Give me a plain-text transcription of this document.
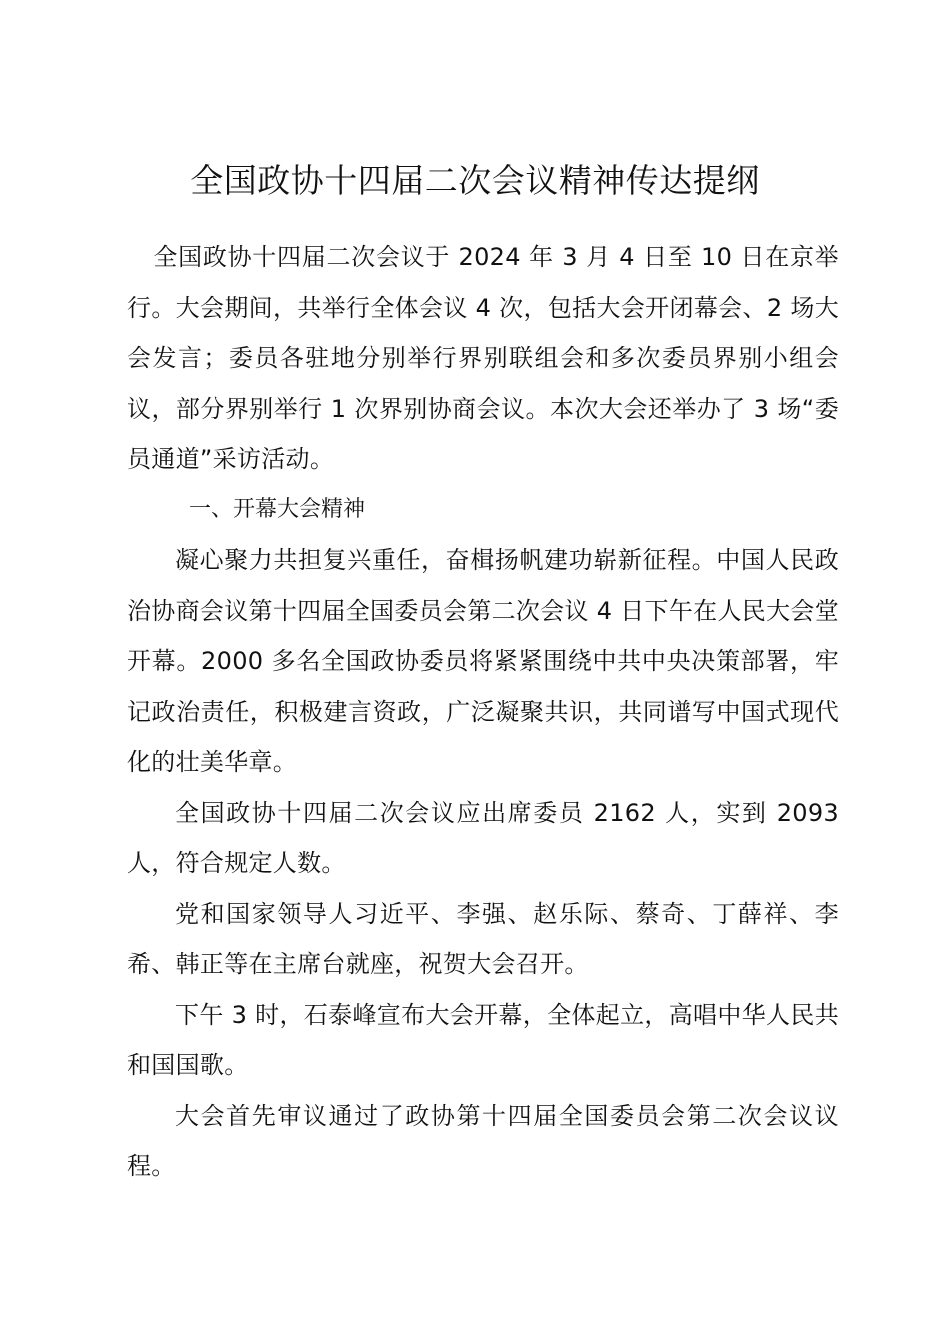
全国政协十四届二次会议精神传达提纲

全国政协十四届二次会议于 2024 年 3 月 4 日至 10 日在京举行。大会期间，共举行全体会议 4 次，包括大会开闭幕会、2 场大会发言；委员各驻地分别举行界别联组会和多次委员界别小组会议，部分界别举行 1 次界别协商会议。本次大会还举办了 3 场“委员通道”采访活动。

一、开幕大会精神

凝心聚力共担复兴重任，奋楫扬帆建功崭新征程。中国人民政治协商会议第十四届全国委员会第二次会议 4 日下午在人民大会堂开幕。2000 多名全国政协委员将紧紧围绕中共中央决策部署，牢记政治责任，积极建言资政，广泛凝聚共识，共同谱写中国式现代化的壮美华章。

全国政协十四届二次会议应出席委员 2162 人，实到 2093 人，符合规定人数。

党和国家领导人习近平、李强、赵乐际、蔡奇、丁薛祥、李希、韩正等在主席台就座，祝贺大会召开。

下午 3 时，石泰峰宣布大会开幕，全体起立，高唱中华人民共和国国歌。

大会首先审议通过了政协第十四届全国委员会第二次会议议程。
